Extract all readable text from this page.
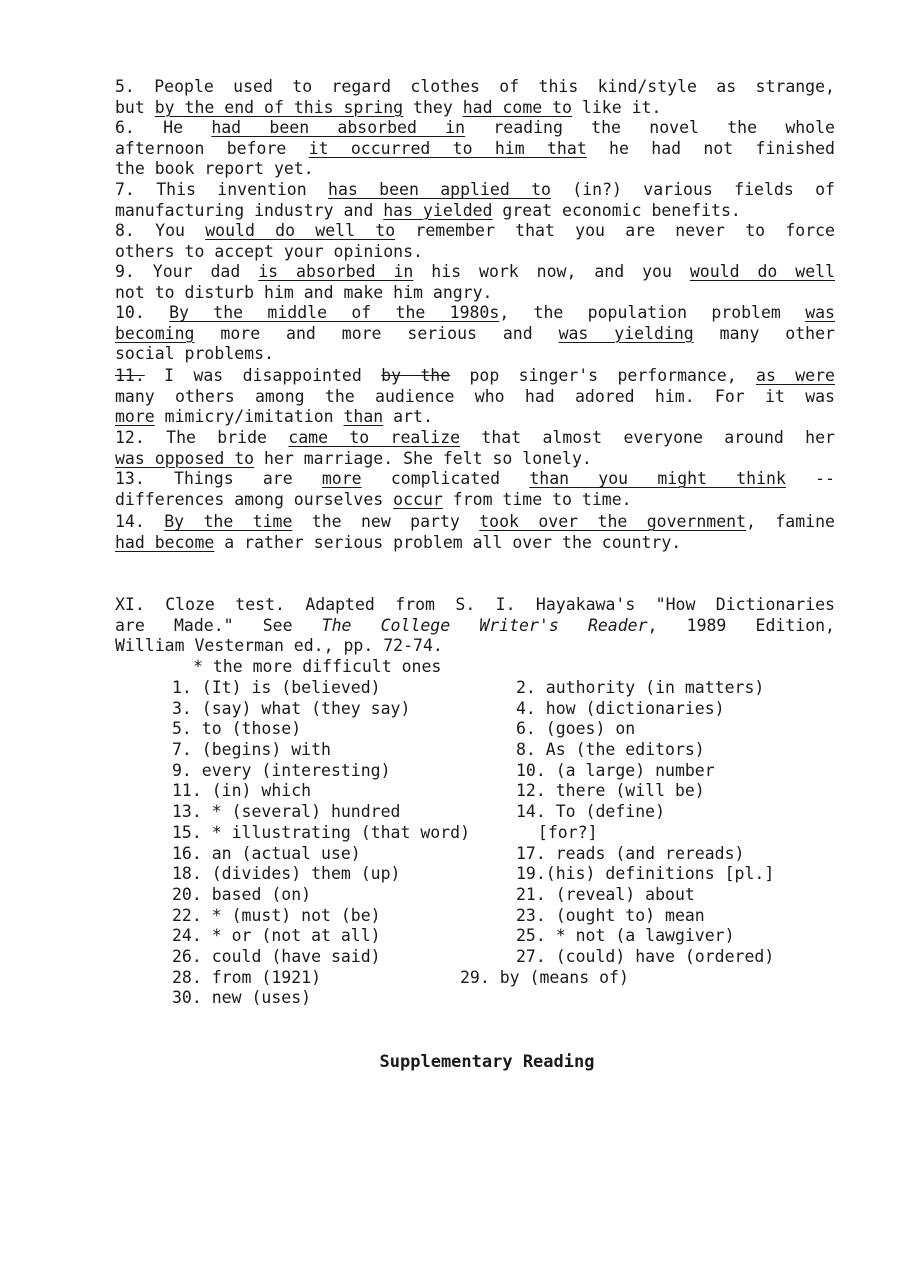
5. People used to regard clothes of this kind/style as strange,
but by the end of this spring they had come to like it.
6. He had been absorbed in reading the novel the whole
afternoon before it occurred to him that he had not finished
the book report yet.
7. This invention has been applied to (in?) various fields of
manufacturing industry and has yielded great economic benefits.
8. You would do well to remember that you are never to force
others to accept your opinions.
9. Your dad is absorbed in his work now, and you would do well
not to disturb him and make him angry.
10. By the middle of the 1980s, the population problem was
becoming more and more serious and was yielding many other
social problems.
11. I was disappointed by the pop singer's performance, as were
many others among the audience who had adored him. For it was
more mimicry/imitation than art.
12. The bride came to realize that almost everyone around her
was opposed to her marriage. She felt so lonely.
13. Things are more complicated than you might think --
differences among ourselves occur from time to time.
14. By the time the new party took over the government, famine
had become a rather serious problem all over the country.
XI. Cloze test. Adapted from S. I. Hayakawa's "How Dictionaries
are Made." See The College Writer's Reader, 1989 Edition,
William Vesterman ed., pp. 72-74.
* the more difficult ones
1. (It) is (believed)
3. (say) what (they say)
5. to (those)
7. (begins) with
9. every (interesting)
11. (in) which
13. * (several) hundred
15. * illustrating (that word)
16. an (actual use)
18. (divides) them (up)
20. based (on)
22. * (must) not (be)
24. * or (not at all)
26. could (have said)
28. from (1921)
30. new (uses)
2. authority (in matters)
4. how (dictionaries)
6. (goes) on
8. As (the editors)
10. (a large) number
12. there (will be)
14. To (define)
[for?]
17. reads (and rereads)
19.(his) definitions [pl.]
21. (reveal) about
23. (ought to) mean
25. * not (a lawgiver)
27. (could) have (ordered)
29. by (means of)
Supplementary Reading
